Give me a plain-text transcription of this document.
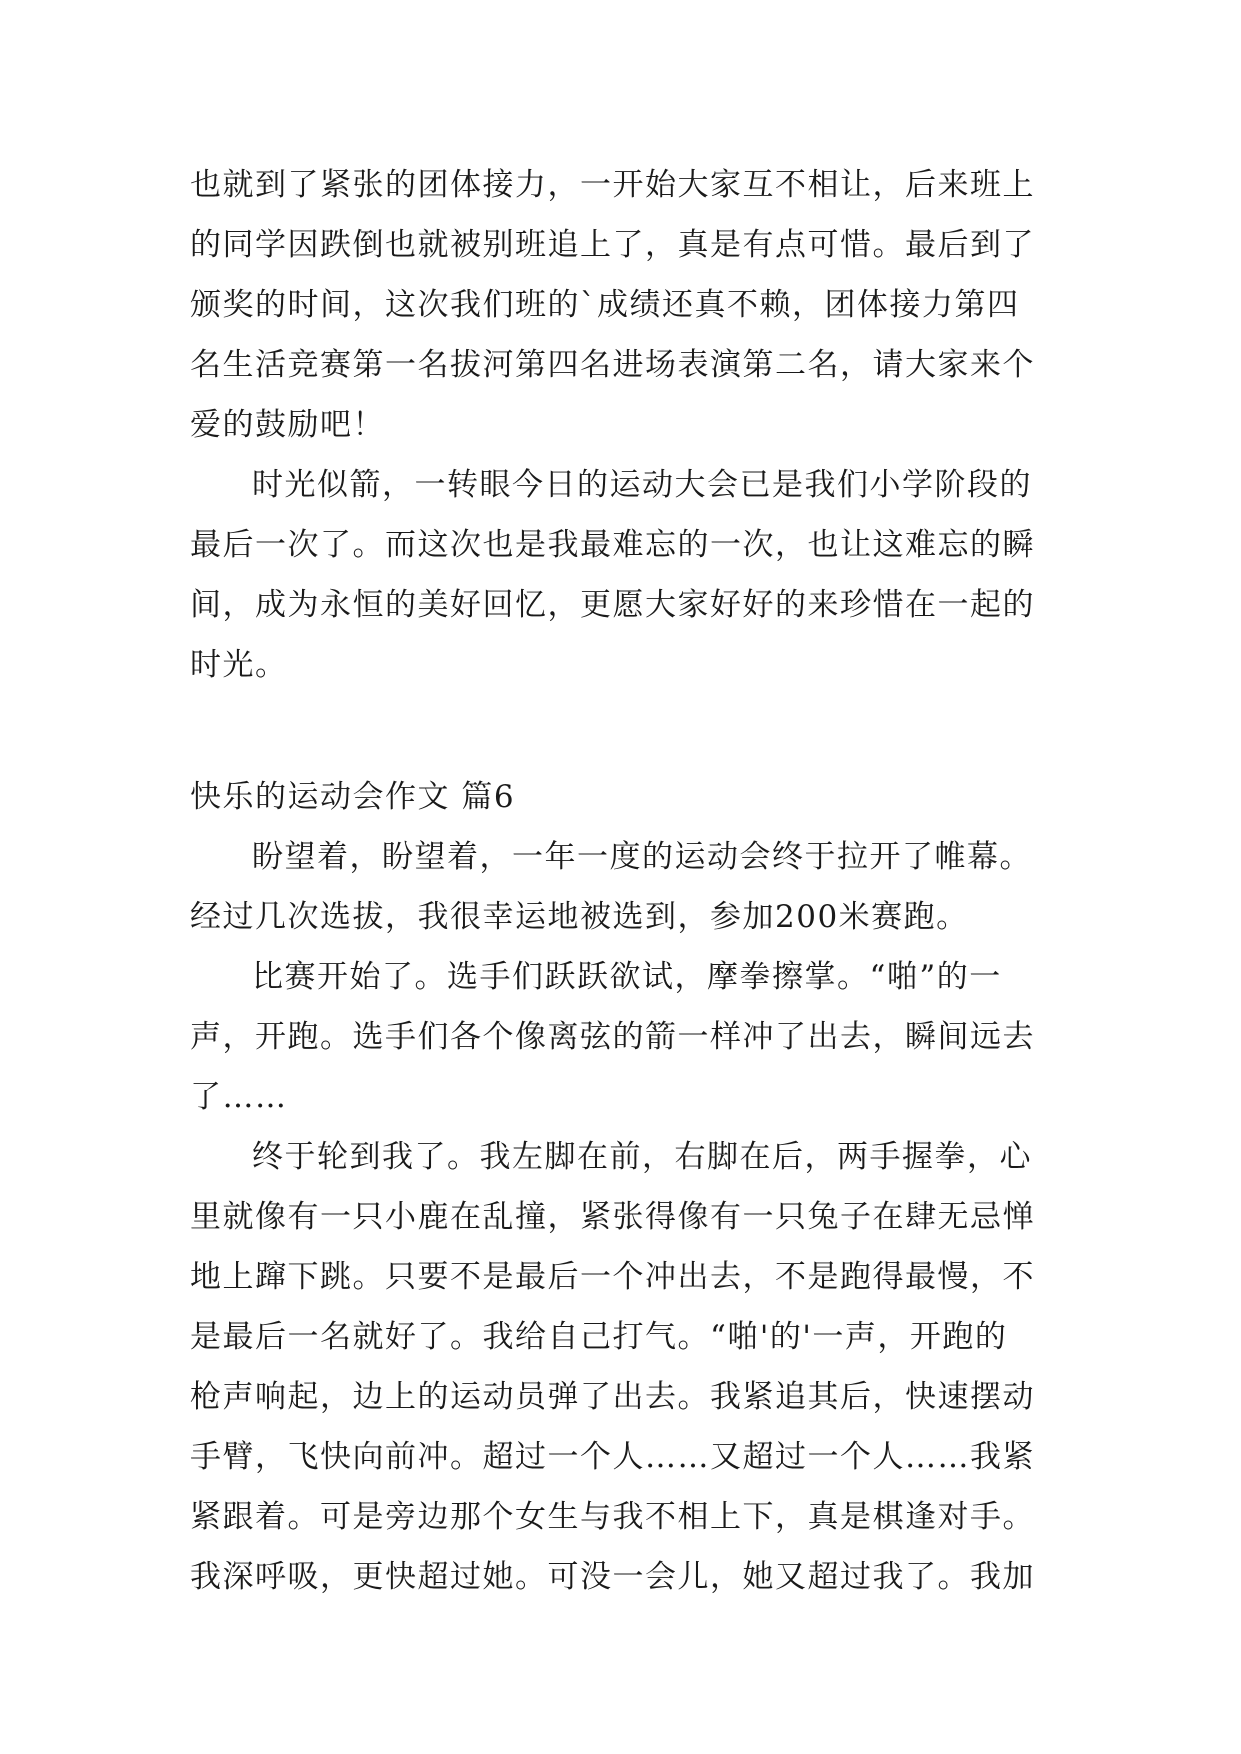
也就到了紧张的团体接力，一开始大家互不相让，后来班上
的同学因跌倒也就被别班追上了，真是有点可惜。最后到了
颁奖的时间，这次我们班的`成绩还真不赖，团体接力第四
名生活竞赛第一名拔河第四名进场表演第二名，请大家来个
爱的鼓励吧！
时光似箭，一转眼今日的运动大会已是我们小学阶段的
最后一次了。而这次也是我最难忘的一次，也让这难忘的瞬
间，成为永恒的美好回忆，更愿大家好好的来珍惜在一起的
时光。
快乐的运动会作文 篇6
盼望着，盼望着，一年一度的运动会终于拉开了帷幕。
经过几次选拔，我很幸运地被选到，参加200米赛跑。
比赛开始了。选手们跃跃欲试，摩拳擦掌。“啪”的一
声，开跑。选手们各个像离弦的箭一样冲了出去，瞬间远去
了……
终于轮到我了。我左脚在前，右脚在后，两手握拳，心
里就像有一只小鹿在乱撞，紧张得像有一只兔子在肆无忌惮
地上蹿下跳。只要不是最后一个冲出去，不是跑得最慢，不
是最后一名就好了。我给自己打气。“啪'的'一声，开跑的
枪声响起，边上的运动员弹了出去。我紧追其后，快速摆动
手臂，飞快向前冲。超过一个人……又超过一个人……我紧
紧跟着。可是旁边那个女生与我不相上下，真是棋逢对手。
我深呼吸，更快超过她。可没一会儿，她又超过我了。我加
